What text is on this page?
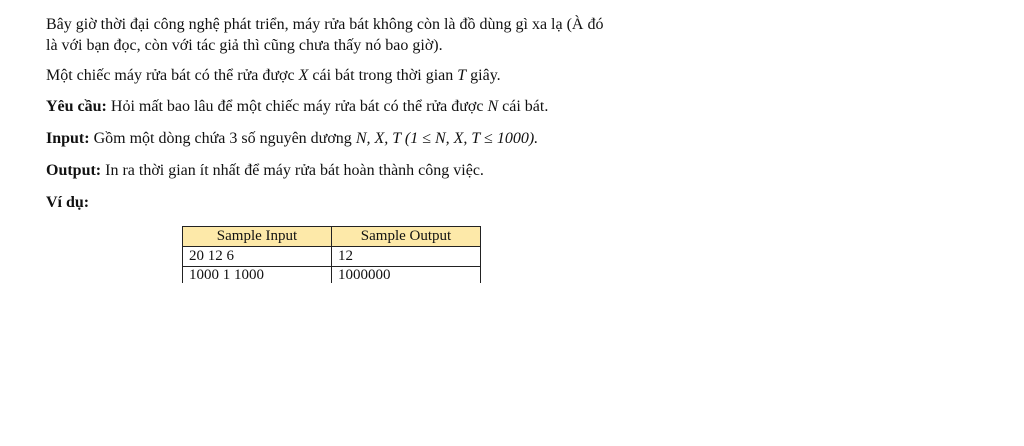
Bây giờ thời đại công nghệ phát triển, máy rửa bát không còn là đồ dùng gì xa lạ (À đó
là với bạn đọc, còn với tác giả thì cũng chưa thấy nó bao giờ).

Một chiếc máy rửa bát có thể rửa được X cái bát trong thời gian T giây.

Yêu cầu: Hỏi mất bao lâu để một chiếc máy rửa bát có thể rửa được N cái bát.

Input: Gồm một dòng chứa 3 số nguyên dương N, X, T (1 ≤ N, X, T ≤ 1000).

Output: In ra thời gian ít nhất để máy rửa bát hoàn thành công việc.

Ví dụ:

Sample Input	Sample Output
20 12 6	12
1000 1 1000	1000000
